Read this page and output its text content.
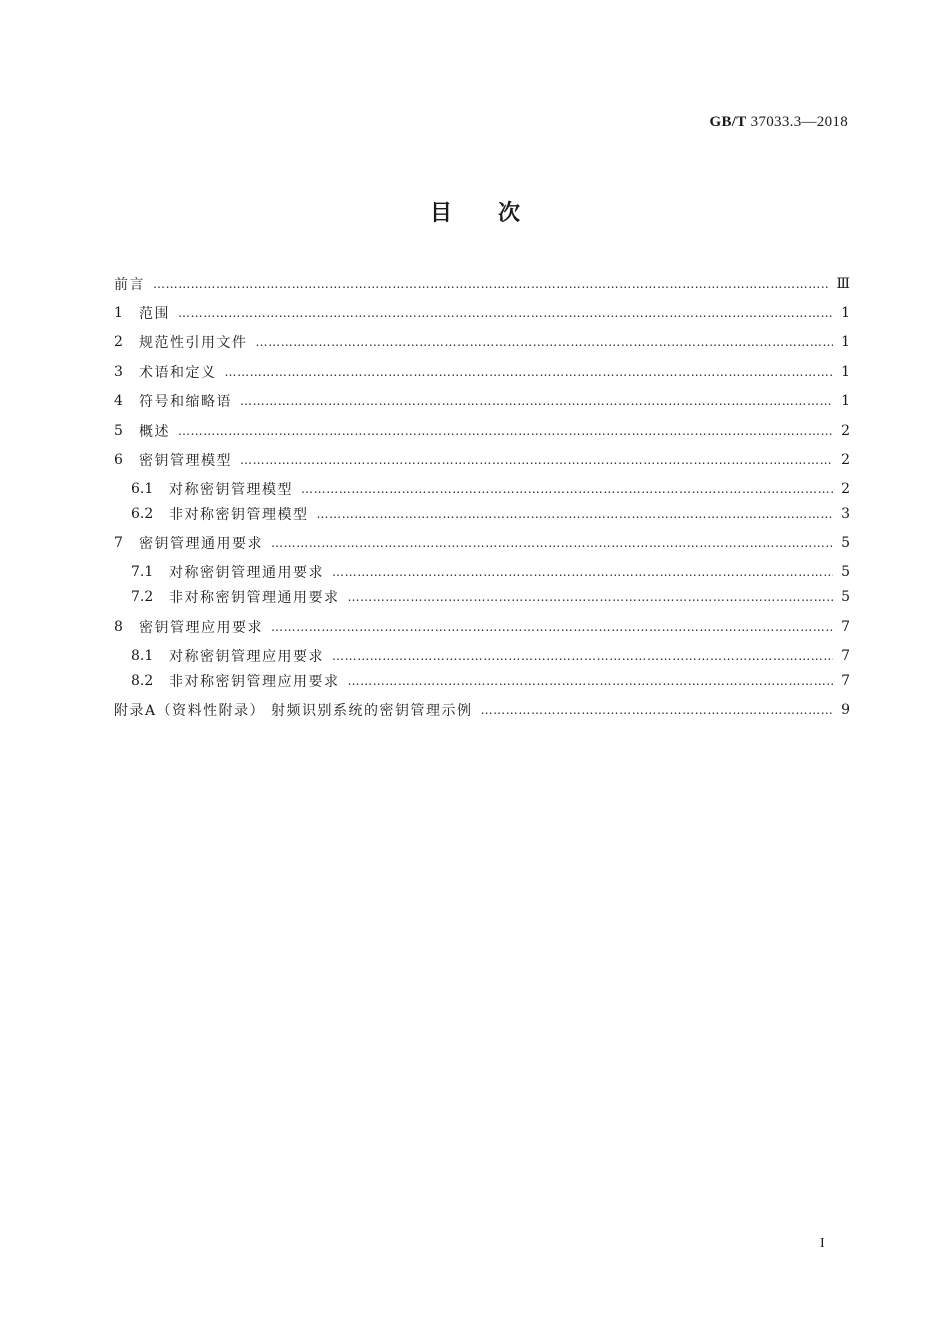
GB/T 37033.3—2018
目次
前言 …………………………………………………………………………………………………………………………………………………………………………………………………………………	Ⅲ
1	范围 …………………………………………………………………………………………………………………………………………………………………………………………………………………	1
2	规范性引用文件 …………………………………………………………………………………………………………………………………………………………………………………………………………………	1
3	术语和定义 …………………………………………………………………………………………………………………………………………………………………………………………………………………	1
4	符号和缩略语 …………………………………………………………………………………………………………………………………………………………………………………………………………………	1
5	概述 …………………………………………………………………………………………………………………………………………………………………………………………………………………	2
6	密钥管理模型 …………………………………………………………………………………………………………………………………………………………………………………………………………………	2
6.1	对称密钥管理模型 …………………………………………………………………………………………………………………………………………………………………………………………………………………	2
6.2	非对称密钥管理模型 …………………………………………………………………………………………………………………………………………………………………………………………………………………	3
7	密钥管理通用要求 …………………………………………………………………………………………………………………………………………………………………………………………………………………	5
7.1	对称密钥管理通用要求 …………………………………………………………………………………………………………………………………………………………………………………………………………………	5
7.2	非对称密钥管理通用要求 …………………………………………………………………………………………………………………………………………………………………………………………………………………	5
8	密钥管理应用要求 …………………………………………………………………………………………………………………………………………………………………………………………………………………	7
8.1	对称密钥管理应用要求 …………………………………………………………………………………………………………………………………………………………………………………………………………………	7
8.2	非对称密钥管理应用要求 …………………………………………………………………………………………………………………………………………………………………………………………………………………	7
附录A（资料性附录） 射频识别系统的密钥管理示例 …………………………………………………………………………………………………………………………………………………………………………………………………………………	9
I
